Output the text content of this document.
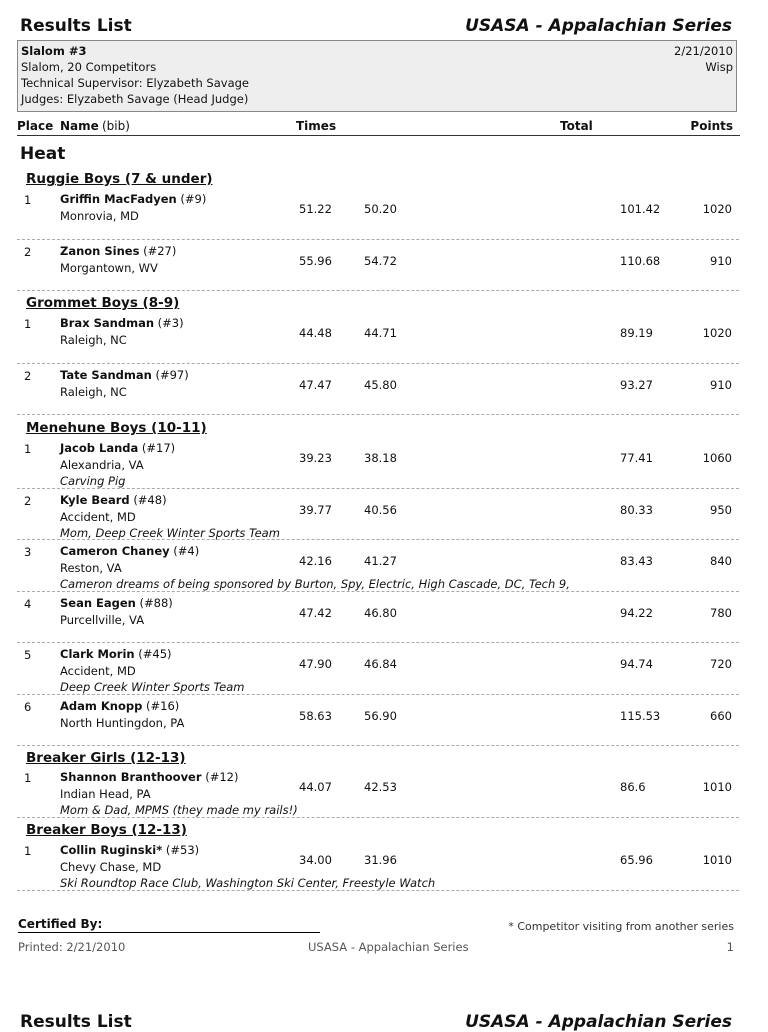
Results List	USASA - Appalachian Series
Slalom #3
Slalom, 20 Competitors
Technical Supervisor: Elyzabeth Savage
Judges: Elyzabeth Savage (Head Judge)
2/21/2010
Wisp
Place Name (bib)	Times	Total	Points
Heat
Ruggie Boys (7 & under)
1 Griffin MacFadyen (#9)
Monrovia, MD	51.22	50.20	101.42	1020
2 Zanon Sines (#27)
Morgantown, WV	55.96	54.72	110.68	910
Grommet Boys (8-9)
1 Brax Sandman (#3)
Raleigh, NC	44.48	44.71	89.19	1020
2 Tate Sandman (#97)
Raleigh, NC	47.47	45.80	93.27	910
Menehune Boys (10-11)
1 Jacob Landa (#17)
Alexandria, VA
Carving Pig
39.23	38.18	77.41	1060
2 Kyle Beard (#48)
Accident, MD
Mom, Deep Creek Winter Sports Team
39.77	40.56	80.33	950
3 Cameron Chaney (#4)
Reston, VA
Cameron dreams of being sponsored by Burton, Spy, Electric, High Cascade, DC, Tech 9,
42.16	41.27	83.43	840
4 Sean Eagen (#88)
Purcellville, VA	47.42	46.80	94.22	780
5 Clark Morin (#45)
Accident, MD
Deep Creek Winter Sports Team
47.90	46.84	94.74	720
6 Adam Knopp (#16)
North Huntingdon, PA	58.63	56.90	115.53	660
Breaker Girls (12-13)
1 Shannon Branthoover (#12)
Indian Head, PA
Mom & Dad, MPMS (they made my rails!)
44.07	42.53	86.6	1010
Breaker Boys (12-13)
1 Collin Ruginski* (#53)
Chevy Chase, MD
Ski Roundtop Race Club, Washington Ski Center, Freestyle Watch
34.00	31.96	65.96	1010
Certified By:	* Competitor visiting from another series
Printed: 2/21/2010	USASA - Appalachian Series	1
Results List	USASA - Appalachian Series
